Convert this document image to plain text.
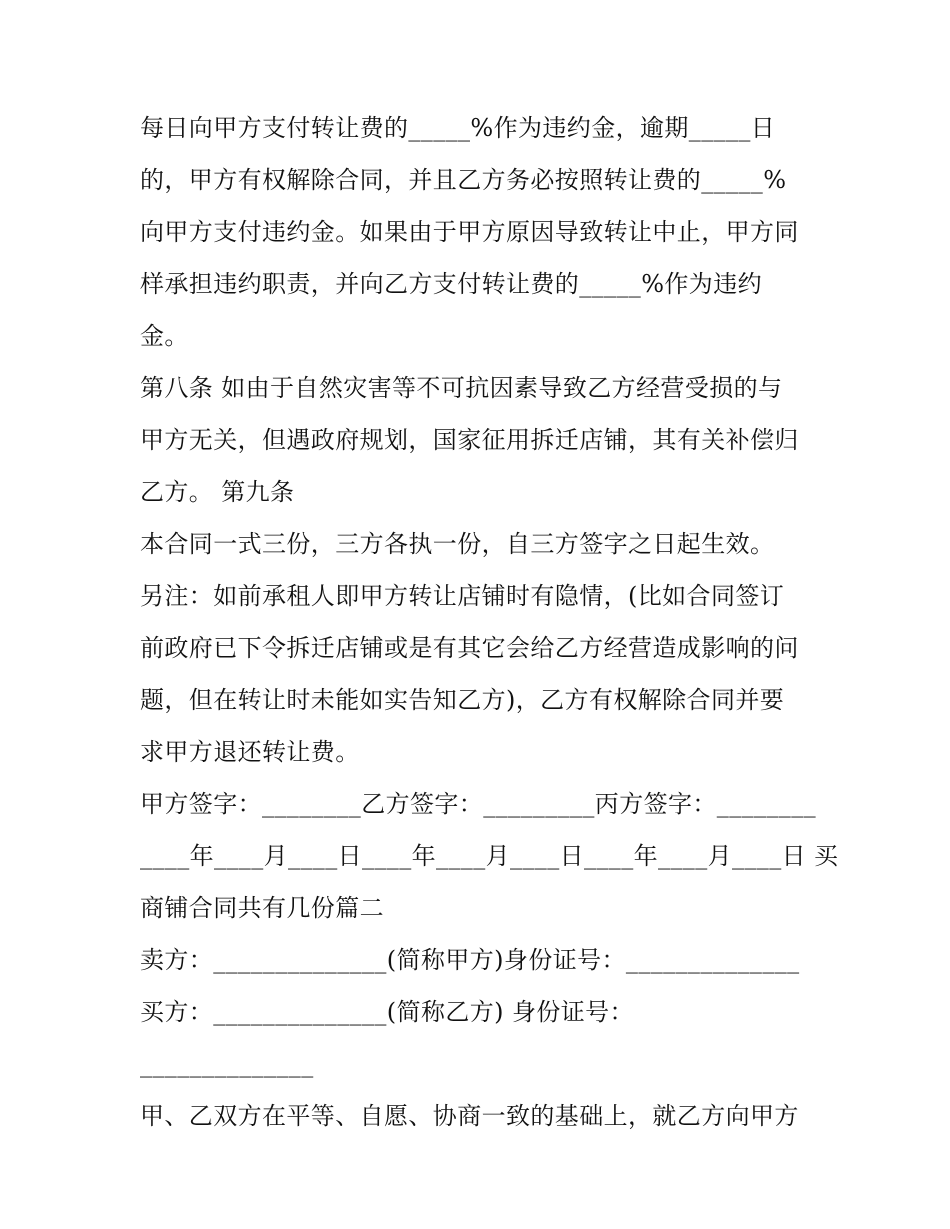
每日向甲方支付转让费的_____%作为违约金，逾期_____日
的，甲方有权解除合同，并且乙方务必按照转让费的_____%
向甲方支付违约金。如果由于甲方原因导致转让中止，甲方同
样承担违约职责，并向乙方支付转让费的_____%作为违约
金。
第八条 如由于自然灾害等不可抗因素导致乙方经营受损的与
甲方无关，但遇政府规划，国家征用拆迁店铺，其有关补偿归
乙方。 第九条
本合同一式三份，三方各执一份，自三方签字之日起生效。
另注：如前承租人即甲方转让店铺时有隐情，(比如合同签订
前政府已下令拆迁店铺或是有其它会给乙方经营造成影响的问
题，但在转让时未能如实告知乙方)，乙方有权解除合同并要
求甲方退还转让费。
甲方签字：________乙方签字：_________丙方签字：________
____年____月____日____年____月____日____年____月____日 买
商铺合同共有几份篇二
卖方：______________(简称甲方)身份证号：______________
买方：______________(简称乙方) 身份证号：
______________
甲、乙双方在平等、自愿、协商一致的基础上，就乙方向甲方
